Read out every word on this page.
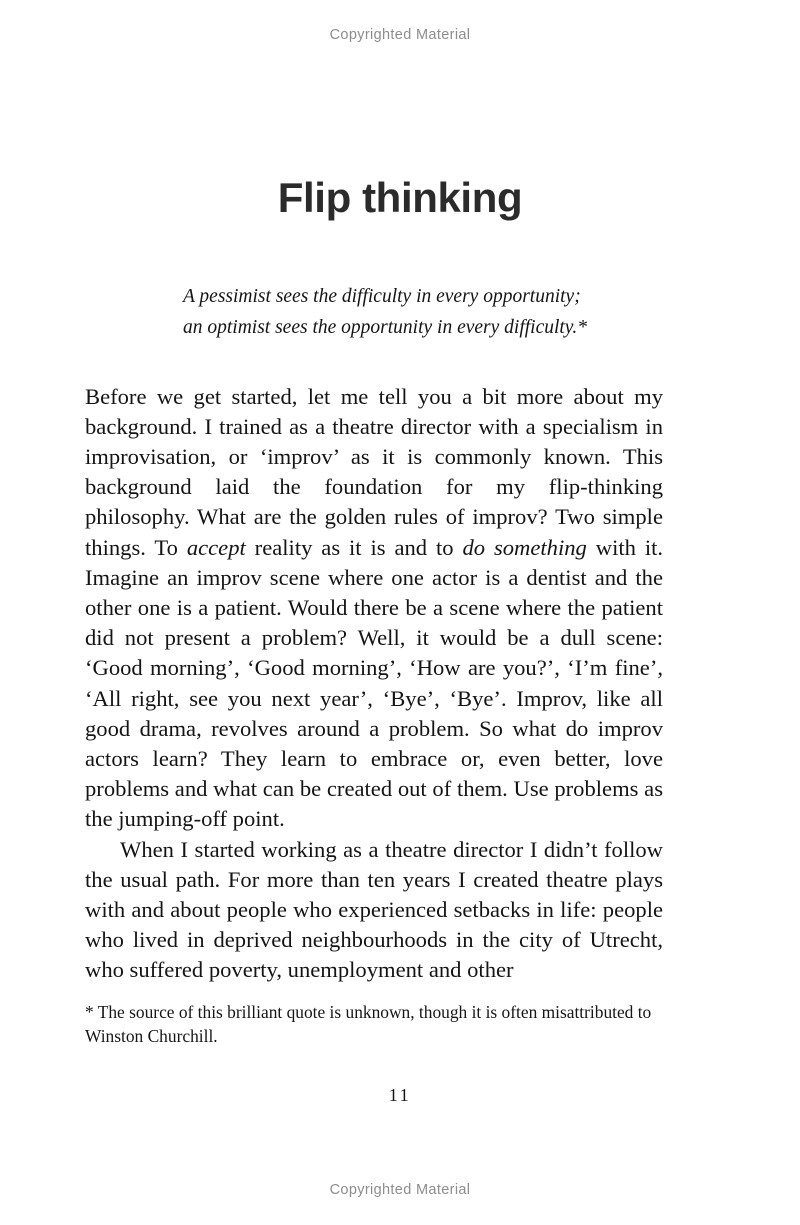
Copyrighted Material
Flip thinking
A pessimist sees the difficulty in every opportunity;
an optimist sees the opportunity in every difficulty.*

Before we get started, let me tell you a bit more about my background. I trained as a theatre director with a specialism in improvisation, or ‘improv’ as it is commonly known. This background laid the foundation for my flip-thinking philosophy. What are the golden rules of improv? Two simple things. To accept reality as it is and to do something with it. Imagine an improv scene where one actor is a dentist and the other one is a patient. Would there be a scene where the patient did not present a problem? Well, it would be a dull scene: ‘Good morning’, ‘Good morning’, ‘How are you?’, ‘I’m fine’, ‘All right, see you next year’, ‘Bye’, ‘Bye’. Improv, like all good drama, revolves around a problem. So what do improv actors learn? They learn to embrace or, even better, love problems and what can be created out of them. Use problems as the jumping-off point.

When I started working as a theatre director I didn’t follow the usual path. For more than ten years I created theatre plays with and about people who experienced setbacks in life: people who lived in deprived neighbourhoods in the city of Utrecht, who suffered poverty, unemployment and other

* The source of this brilliant quote is unknown, though it is often misattributed to Winston Churchill.

11
Copyrighted Material
